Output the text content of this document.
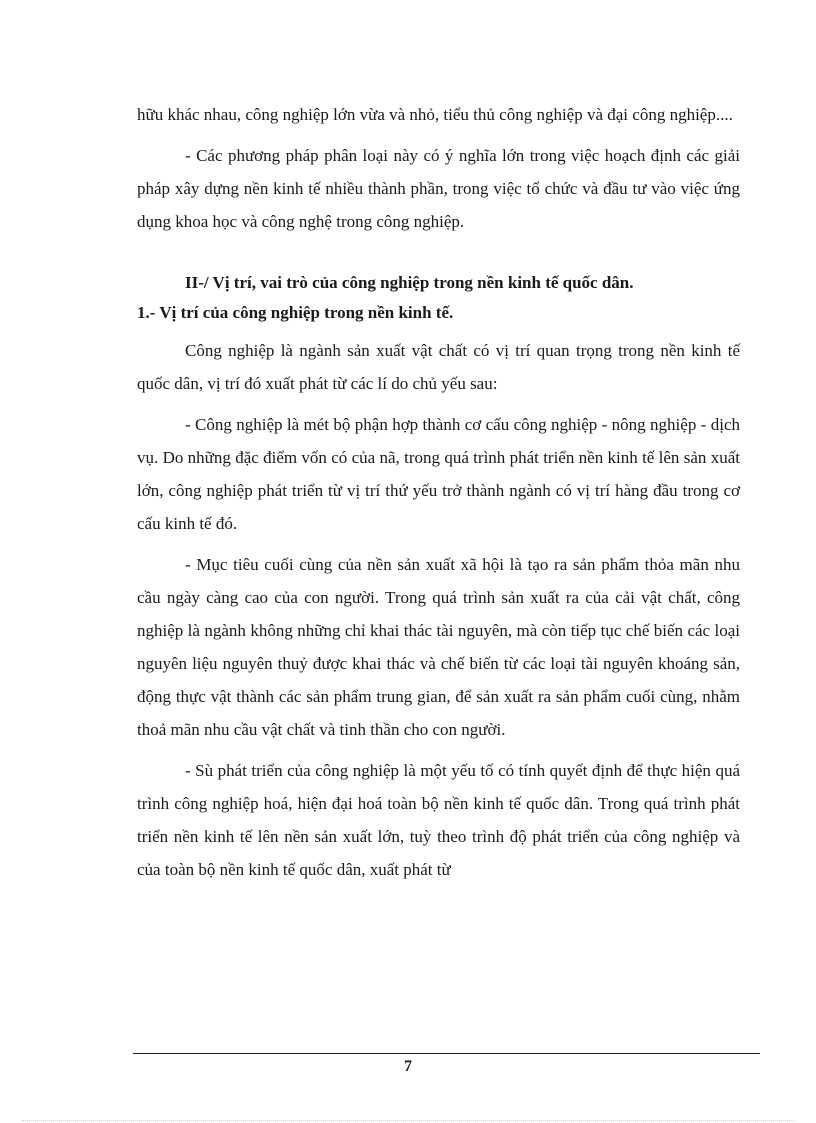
hữu khác nhau, công nghiệp lớn vừa và nhỏ, tiểu thủ công nghiệp và đại công nghiệp....

- Các phương pháp phân loại này có ý nghĩa lớn trong việc hoạch định các giải pháp xây dựng nền kinh tế nhiều thành phần, trong việc tổ chức và đầu tư vào việc ứng dụng khoa học và công nghệ trong công nghiệp.

II-/ Vị trí, vai trò của công nghiệp trong nền kinh tế quốc dân.
1.- Vị trí của công nghiệp trong nền kinh tế.

Công nghiệp là ngành sản xuất vật chất có vị trí quan trọng trong nền kinh tế quốc dân, vị trí đó xuất phát từ các lí do chủ yếu sau:

- Công nghiệp là mét bộ phận hợp thành cơ cấu công nghiệp - nông nghiệp - dịch vụ. Do những đặc điểm vốn có của nã, trong quá trình phát triển nền kinh tế lên sản xuất lớn, công nghiệp phát triển từ vị trí thứ yếu trở thành ngành có vị trí hàng đầu trong cơ cấu kinh tế đó.

- Mục tiêu cuối cùng của nền sản xuất xã hội là tạo ra sản phẩm thỏa mãn nhu cầu ngày càng cao của con người. Trong quá trình sản xuất ra của cải vật chất, công nghiệp là ngành không những chỉ khai thác tài nguyên, mà còn tiếp tục chế biến các loại nguyên liệu nguyên thuỷ được khai thác và chế biến từ các loại tài nguyên khoáng sản, động thực vật thành các sản phẩm trung gian, để sản xuất ra sản phẩm cuối cùng, nhằm thoả mãn nhu cầu vật chất và tinh thần cho con người.

- Sù phát triển của công nghiệp là một yếu tố có tính quyết định để thực hiện quá trình công nghiệp hoá, hiện đại hoá toàn bộ nền kinh tế quốc dân. Trong quá trình phát triển nền kinh tế lên nền sản xuất lớn, tuỳ theo trình độ phát triển của công nghiệp và của toàn bộ nền kinh tế quốc dân, xuất phát từ

7
